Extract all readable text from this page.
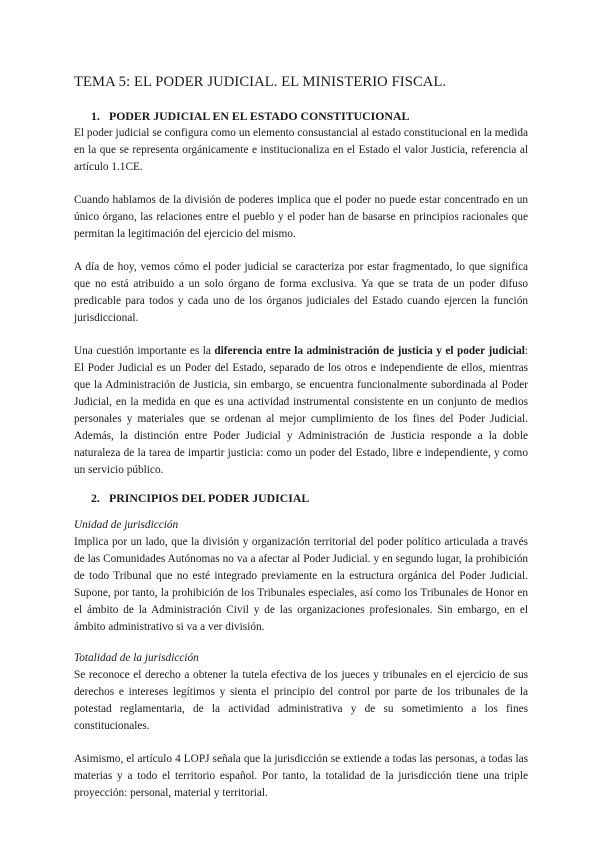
TEMA 5: EL PODER JUDICIAL. EL MINISTERIO FISCAL.
1. PODER JUDICIAL EN EL ESTADO CONSTITUCIONAL

El poder judicial se configura como un elemento consustancial al estado constitucional en la medida en la que se representa orgánicamente e institucionaliza en el Estado el valor Justicia, referencia al artículo 1.1CE.

Cuando hablamos de la división de poderes implica que el poder no puede estar concentrado en un único órgano, las relaciones entre el pueblo y el poder han de basarse en principios racionales que permitan la legitimación del ejercicio del mismo.

A día de hoy, vemos cómo el poder judicial se caracteriza por estar fragmentado, lo que significa que no está atribuido a un solo órgano de forma exclusiva. Ya que se trata de un poder difuso predicable para todos y cada uno de los órganos judiciales del Estado cuando ejercen la función jurisdiccional.

Una cuestión importante es la diferencia entre la administración de justicia y el poder judicial: El Poder Judicial es un Poder del Estado, separado de los otros e independiente de ellos, mientras que la Administración de Justicia, sin embargo, se encuentra funcionalmente subordinada al Poder Judicial, en la medida en que es una actividad instrumental consistente en un conjunto de medios personales y materiales que se ordenan al mejor cumplimiento de los fines del Poder Judicial. Además, la distinción entre Poder Judicial y Administración de Justicia responde a la doble naturaleza de la tarea de impartir justicia: como un poder del Estado, libre e independiente, y como un servicio público.

2. PRINCIPIOS DEL PODER JUDICIAL
Unidad de jurisdicción

Implica por un lado, que la división y organización territorial del poder político articulada a través de las Comunidades Autónomas no va a afectar al Poder Judicial. y en segundo lugar, la prohibición de todo Tribunal que no esté integrado previamente en la estructura orgánica del Poder Judicial. Supone, por tanto, la prohibición de los Tribunales especiales, así como los Tribunales de Honor en el ámbito de la Administración Civil y de las organizaciones profesionales. Sin embargo, en el ámbito administrativo si va a ver división.

Totalidad de la jurisdicción

Se reconoce el derecho a obtener la tutela efectiva de los jueces y tribunales en el ejercicio de sus derechos e intereses legítimos y sienta el principio del control por parte de los tribunales de la potestad reglamentaria, de la actividad administrativa y de su sometimiento a los fines constitucionales.

Asimismo, el artículo 4 LOPJ señala que la jurisdicción se extiende a todas las personas, a todas las materias y a todo el territorio español. Por tanto, la totalidad de la jurisdicción tiene una triple proyección: personal, material y territorial.
